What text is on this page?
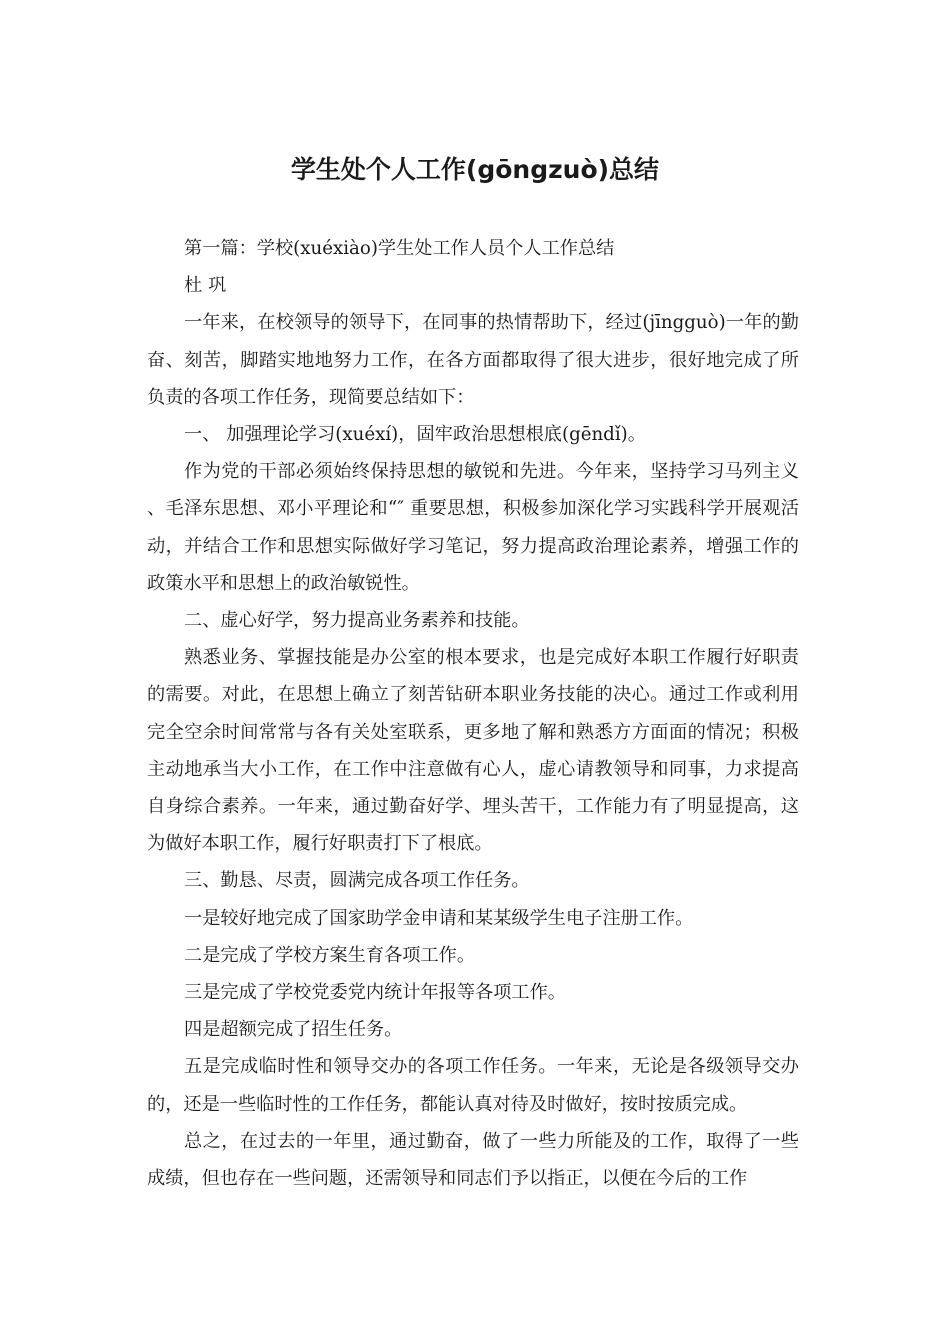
学生处个人工作(gōngzuò)总结

第一篇：学校(xuéxiào)学生处工作人员个人工作总结

杜 巩

一年来，在校领导的领导下，在同事的热情帮助下，经过(jīngguò)一年的勤奋、刻苦，脚踏实地地努力工作，在各方面都取得了很大进步，很好地完成了所负责的各项工作任务，现简要总结如下：

一、 加强理论学习(xuéxí)，固牢政治思想根底(gēndǐ)。

作为党的干部必须始终保持思想的敏锐和先进。今年来，坚持学习马列主义、毛泽东思想、邓小平理论和“″ 重要思想，积极参加深化学习实践科学开展观活动，并结合工作和思想实际做好学习笔记，努力提高政治理论素养，增强工作的政策水平和思想上的政治敏锐性。

二、虚心好学，努力提高业务素养和技能。

熟悉业务、掌握技能是办公室的根本要求，也是完成好本职工作履行好职责的需要。对此，在思想上确立了刻苦钻研本职业务技能的决心。通过工作或利用完全空余时间常常与各有关处室联系，更多地了解和熟悉方方面面的情况；积极主动地承当大小工作，在工作中注意做有心人，虚心请教领导和同事，力求提高自身综合素养。一年来，通过勤奋好学、埋头苦干，工作能力有了明显提高，这为做好本职工作，履行好职责打下了根底。

三、勤恳、尽责，圆满完成各项工作任务。

一是较好地完成了国家助学金申请和某某级学生电子注册工作。

二是完成了学校方案生育各项工作。

三是完成了学校党委党内统计年报等各项工作。

四是超额完成了招生任务。

五是完成临时性和领导交办的各项工作任务。一年来，无论是各级领导交办的，还是一些临时性的工作任务，都能认真对待及时做好，按时按质完成。

总之，在过去的一年里，通过勤奋，做了一些力所能及的工作，取得了一些成绩，但也存在一些问题，还需领导和同志们予以指正，以便在今后的工作
